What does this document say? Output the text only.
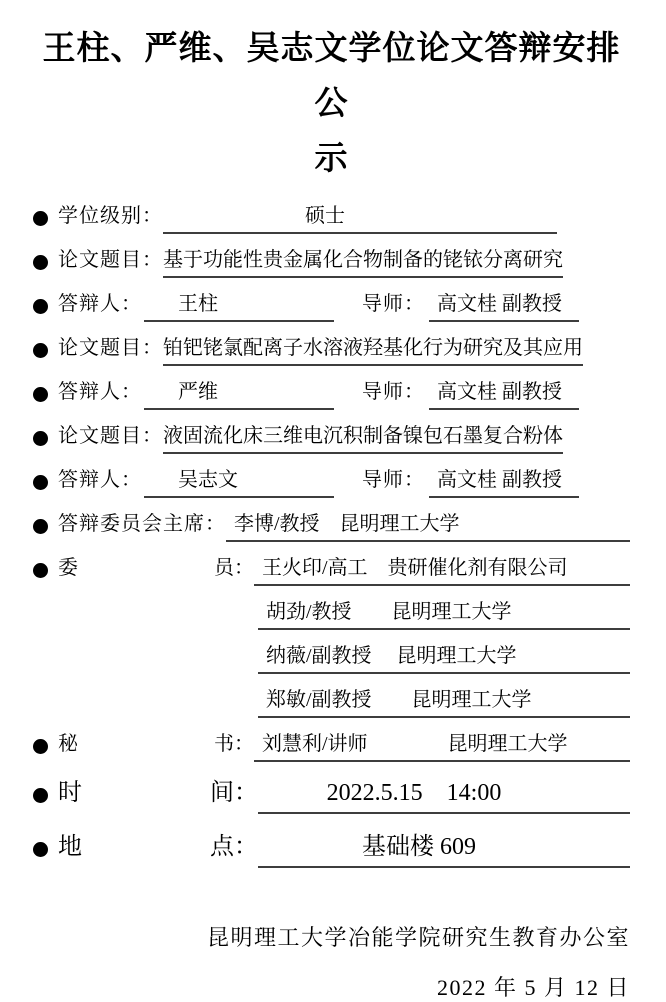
王柱、严维、吴志文学位论文答辩安排公
示
学位级别：	硕士
论文题目： 基于功能性贵金属化合物制备的铑铱分离研究
答辩人：	王柱	导师： 高文桂 副教授
论文题目： 铂钯铑氯配离子水溶液羟基化行为研究及其应用
答辩人：	严维	导师： 高文桂 副教授
论文题目： 液固流化床三维电沉积制备镍包石墨复合粉体
答辩人：	吴志文	导师： 高文桂 副教授
答辩委员会主席： 李博/教授　昆明理工大学
委	员： 王火印/高工　贵研催化剂有限公司
胡劲/教授　　昆明理工大学
纳薇/副教授　 昆明理工大学
郑敏/副教授　　昆明理工大学
秘	书： 刘慧利/讲师　　　　昆明理工大学
时	间：	2022.5.15　14:00
地	点：	基础楼 609
昆明理工大学冶能学院研究生教育办公室
2022 年 5 月 12 日
